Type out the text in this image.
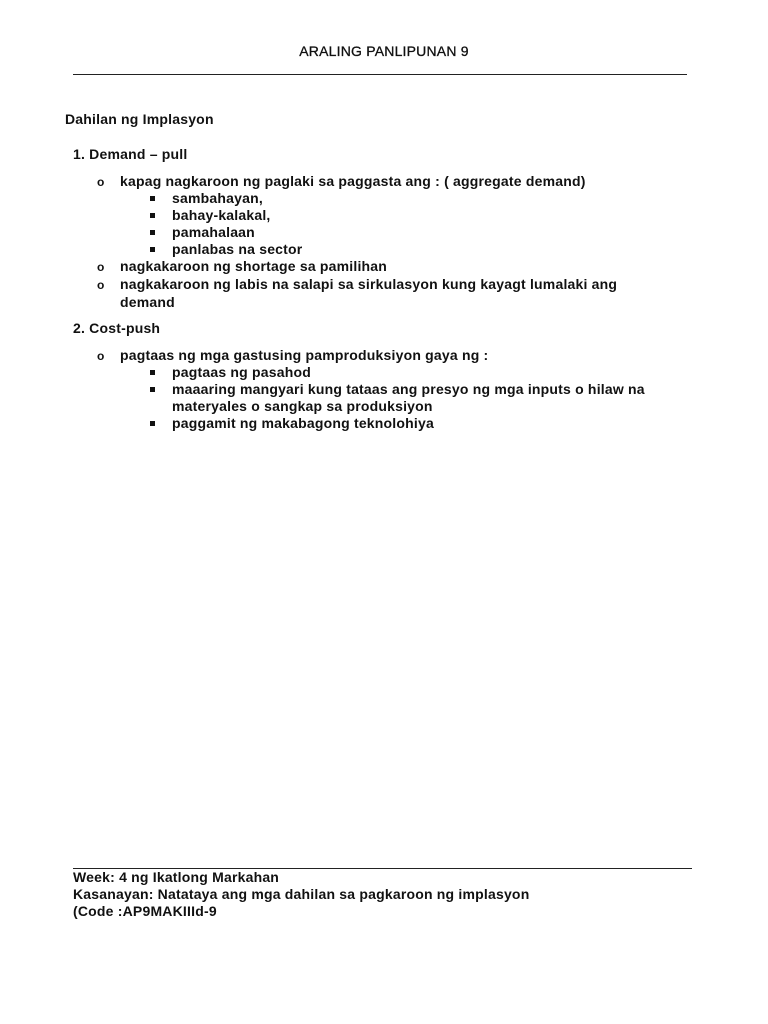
ARALING PANLIPUNAN 9
Dahilan ng Implasyon
1. Demand – pull
o kapag nagkaroon ng paglaki sa paggasta ang : ( aggregate demand)
sambahayan,
bahay-kalakal,
pamahalaan
panlabas na sector
o nagkakaroon ng shortage sa pamilihan
o nagkakaroon ng labis na salapi sa sirkulasyon kung kayagt lumalaki ang
demand
2. Cost-push
o pagtaas ng mga gastusing pamproduksiyon gaya ng :
pagtaas ng pasahod
maaaring mangyari kung tataas ang presyo ng mga inputs o hilaw na
materyales o sangkap sa produksiyon
paggamit ng makabagong teknolohiya
Week: 4 ng Ikatlong Markahan
Kasanayan: Natataya ang mga dahilan sa pagkaroon ng implasyon
(Code :AP9MAKIIId-9
